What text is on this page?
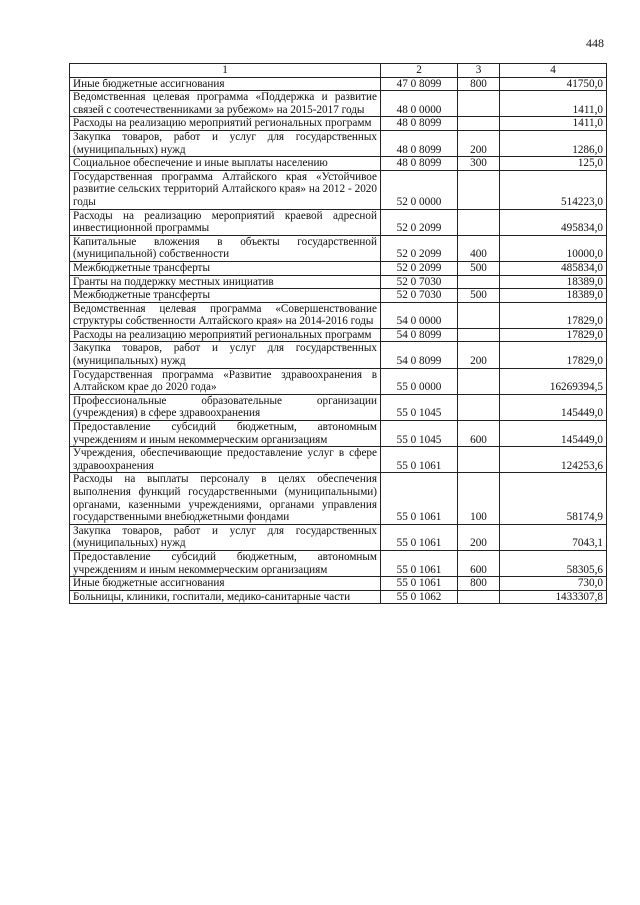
448
1	2	3	4
Иные бюджетные ассигнования	47 0 8099	800	41750,0
Ведомственная целевая программа «Поддержка и развитие связей с соотечественниками за рубежом» на 2015-2017 годы	48 0 0000		1411,0
Расходы на реализацию мероприятий региональных программ	48 0 8099		1411,0
Закупка товаров, работ и услуг для государственных (муниципальных) нужд	48 0 8099	200	1286,0
Социальное обеспечение и иные выплаты населению	48 0 8099	300	125,0
Государственная программа Алтайского края «Устойчивое развитие сельских территорий Алтайского края» на 2012 - 2020 годы	52 0 0000		514223,0
Расходы на реализацию мероприятий краевой адресной инвестиционной программы	52 0 2099		495834,0
Капитальные вложения в объекты государственной (муниципальной) собственности	52 0 2099	400	10000,0
Межбюджетные трансферты	52 0 2099	500	485834,0
Гранты на поддержку местных инициатив	52 0 7030		18389,0
Межбюджетные трансферты	52 0 7030	500	18389,0
Ведомственная целевая программа «Совершенствование структуры собственности Алтайского края» на 2014-2016 годы	54 0 0000		17829,0
Расходы на реализацию мероприятий региональных программ	54 0 8099		17829,0
Закупка товаров, работ и услуг для государственных (муниципальных) нужд	54 0 8099	200	17829,0
Государственная программа «Развитие здравоохранения в Алтайском крае до 2020 года»	55 0 0000		16269394,5
Профессиональные образовательные организации (учреждения) в сфере здравоохранения	55 0 1045		145449,0
Предоставление субсидий бюджетным, автономным учреждениям и иным некоммерческим организациям	55 0 1045	600	145449,0
Учреждения, обеспечивающие предоставление услуг в сфере здравоохранения	55 0 1061		124253,6
Расходы на выплаты персоналу в целях обеспечения выполнения функций государственными (муниципальными) органами, казенными учреждениями, органами управления государственными внебюджетными фондами	55 0 1061	100	58174,9
Закупка товаров, работ и услуг для государственных (муниципальных) нужд	55 0 1061	200	7043,1
Предоставление субсидий бюджетным, автономным учреждениям и иным некоммерческим организациям	55 0 1061	600	58305,6
Иные бюджетные ассигнования	55 0 1061	800	730,0
Больницы, клиники, госпитали, медико-санитарные части	55 0 1062		1433307,8
